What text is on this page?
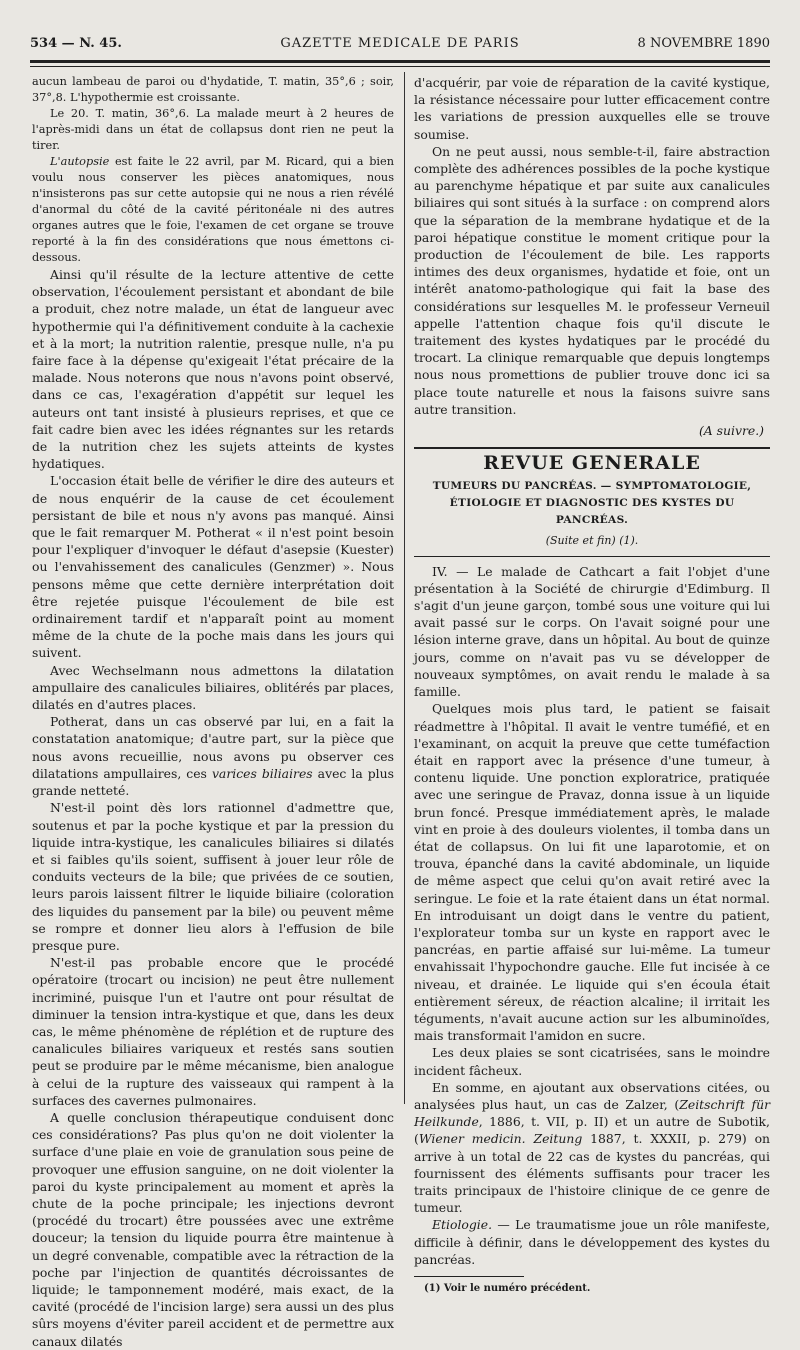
534 — N. 45.	GAZETTE MEDICALE DE PARIS	8 NOVEMBRE 1890

aucun lambeau de paroi ou d'hydatide, T. matin, 35°,6 ; soir, 37°,8. L'hypothermie est croissante.

Le 20. T. matin, 36°,6. La malade meurt à 2 heures de l'après-midi dans un état de collapsus dont rien ne peut la tirer.

L'autopsie est faite le 22 avril, par M. Ricard, qui a bien voulu nous conserver les pièces anatomiques, nous n'insisterons pas sur cette autopsie qui ne nous a rien révélé d'anormal du côté de la cavité péritonéale ni des autres organes autres que le foie, l'examen de cet organe se trouve reporté à la fin des considérations que nous émettons ci-dessous.

Ainsi qu'il résulte de la lecture attentive de cette observation, l'écoulement persistant et abondant de bile a produit, chez notre malade, un état de langueur avec hypothermie qui l'a définitivement conduite à la cachexie et à la mort; la nutrition ralentie, presque nulle, n'a pu faire face à la dépense qu'exigeait l'état précaire de la malade. Nous noterons que nous n'avons point observé, dans ce cas, l'exagération d'appétit sur lequel les auteurs ont tant insisté à plusieurs reprises, et que ce fait cadre bien avec les idées régnantes sur les retards de la nutrition chez les sujets atteints de kystes hydatiques.

L'occasion était belle de vérifier le dire des auteurs et de nous enquérir de la cause de cet écoulement persistant de bile et nous n'y avons pas manqué. Ainsi que le fait remarquer M. Potherat « il n'est point besoin pour l'expliquer d'invoquer le défaut d'asepsie (Kuester) ou l'envahissement des canalicules (Genzmer) ». Nous pensons même que cette dernière interprétation doit être rejetée puisque l'écoulement de bile est ordinairement tardif et n'apparaît point au moment même de la chute de la poche mais dans les jours qui suivent.

Avec Wechselmann nous admettons la dilatation ampullaire des canalicules biliaires, oblitérés par places, dilatés en d'autres places.

Potherat, dans un cas observé par lui, en a fait la constatation anatomique; d'autre part, sur la pièce que nous avons recueillie, nous avons pu observer ces dilatations ampullaires, ces varices biliaires avec la plus grande netteté.

N'est-il point dès lors rationnel d'admettre que, soutenus et par la poche kystique et par la pression du liquide intra-kystique, les canalicules biliaires si dilatés et si faibles qu'ils soient, suffisent à jouer leur rôle de conduits vecteurs de la bile; que privées de ce soutien, leurs parois laissent filtrer le liquide biliaire (coloration des liquides du pansement par la bile) ou peuvent même se rompre et donner lieu alors à l'effusion de bile presque pure.

N'est-il pas probable encore que le procédé opératoire (trocart ou incision) ne peut être nullement incriminé, puisque l'un et l'autre ont pour résultat de diminuer la tension intra-kystique et que, dans les deux cas, le même phénomène de réplétion et de rupture des canalicules biliaires variqueux et restés sans soutien peut se produire par le même mécanisme, bien analogue à celui de la rupture des vaisseaux qui rampent à la surfaces des cavernes pulmonaires.

A quelle conclusion thérapeutique conduisent donc ces considérations? Pas plus qu'on ne doit violenter la surface d'une plaie en voie de granulation sous peine de provoquer une effusion sanguine, on ne doit violenter la paroi du kyste principalement au moment et après la chute de la poche principale; les injections devront (procédé du trocart) être poussées avec une extrême douceur; la tension du liquide pourra être maintenue à un degré convenable, compatible avec la rétraction de la poche par l'injection de quantités décroissantes de liquide; le tamponnement modéré, mais exact, de la cavité (procédé de l'incision large) sera aussi un des plus sûrs moyens d'éviter pareil accident et de permettre aux canaux dilatés

d'acquérir, par voie de réparation de la cavité kystique, la résistance nécessaire pour lutter efficacement contre les variations de pression auxquelles elle se trouve soumise.

On ne peut aussi, nous semble-t-il, faire abstraction complète des adhérences possibles de la poche kystique au parenchyme hépatique et par suite aux canalicules biliaires qui sont situés à la surface : on comprend alors que la séparation de la membrane hydatique et de la paroi hépatique constitue le moment critique pour la production de l'écoulement de bile. Les rapports intimes des deux organismes, hydatide et foie, ont un intérêt anatomo-pathologique qui fait la base des considérations sur lesquelles M. le professeur Verneuil appelle l'attention chaque fois qu'il discute le traitement des kystes hydatiques par le procédé du trocart. La clinique remarquable que depuis longtemps nous nous promettions de publier trouve donc ici sa place toute naturelle et nous la faisons suivre sans autre transition.

(A suivre.)

REVUE GENERALE

TUMEURS DU PANCRÉAS. — SYMPTOMATOLOGIE, ÉTIOLOGIE ET DIAGNOSTIC DES KYSTES DU PANCRÉAS.

(Suite et fin) (1).

IV. — Le malade de Cathcart a fait l'objet d'une présentation à la Société de chirurgie d'Edimburg. Il s'agit d'un jeune garçon, tombé sous une voiture qui lui avait passé sur le corps. On l'avait soigné pour une lésion interne grave, dans un hôpital. Au bout de quinze jours, comme on n'avait pas vu se développer de nouveaux symptômes, on avait rendu le malade à sa famille.

Quelques mois plus tard, le patient se faisait réadmettre à l'hôpital. Il avait le ventre tuméfié, et en l'examinant, on acquit la preuve que cette tuméfaction était en rapport avec la présence d'une tumeur, à contenu liquide. Une ponction exploratrice, pratiquée avec une seringue de Pravaz, donna issue à un liquide brun foncé. Presque immédiatement après, le malade vint en proie à des douleurs violentes, il tomba dans un état de collapsus. On lui fit une laparotomie, et on trouva, épanché dans la cavité abdominale, un liquide de même aspect que celui qu'on avait retiré avec la seringue. Le foie et la rate étaient dans un état normal. En introduisant un doigt dans le ventre du patient, l'explorateur tomba sur un kyste en rapport avec le pancréas, en partie affaisé sur lui-même. La tumeur envahissait l'hypochondre gauche. Elle fut incisée à ce niveau, et drainée. Le liquide qui s'en écoula était entièrement séreux, de réaction alcaline; il irritait les téguments, n'avait aucune action sur les albuminoïdes, mais transformait l'amidon en sucre.

Les deux plaies se sont cicatrisées, sans le moindre incident fâcheux.

En somme, en ajoutant aux observations citées, ou analysées plus haut, un cas de Zalzer, (Zeitschrift für Heilkunde, 1886, t. VII, p. II) et un autre de Subotik, (Wiener medicin. Zeitung 1887, t. XXXII, p. 279) on arrive à un total de 22 cas de kystes du pancréas, qui fournissent des éléments suffisants pour tracer les traits principaux de l'histoire clinique de ce genre de tumeur.

Etiologie. — Le traumatisme joue un rôle manifeste, difficile à définir, dans le développement des kystes du pancréas.

(1) Voir le numéro précédent.
